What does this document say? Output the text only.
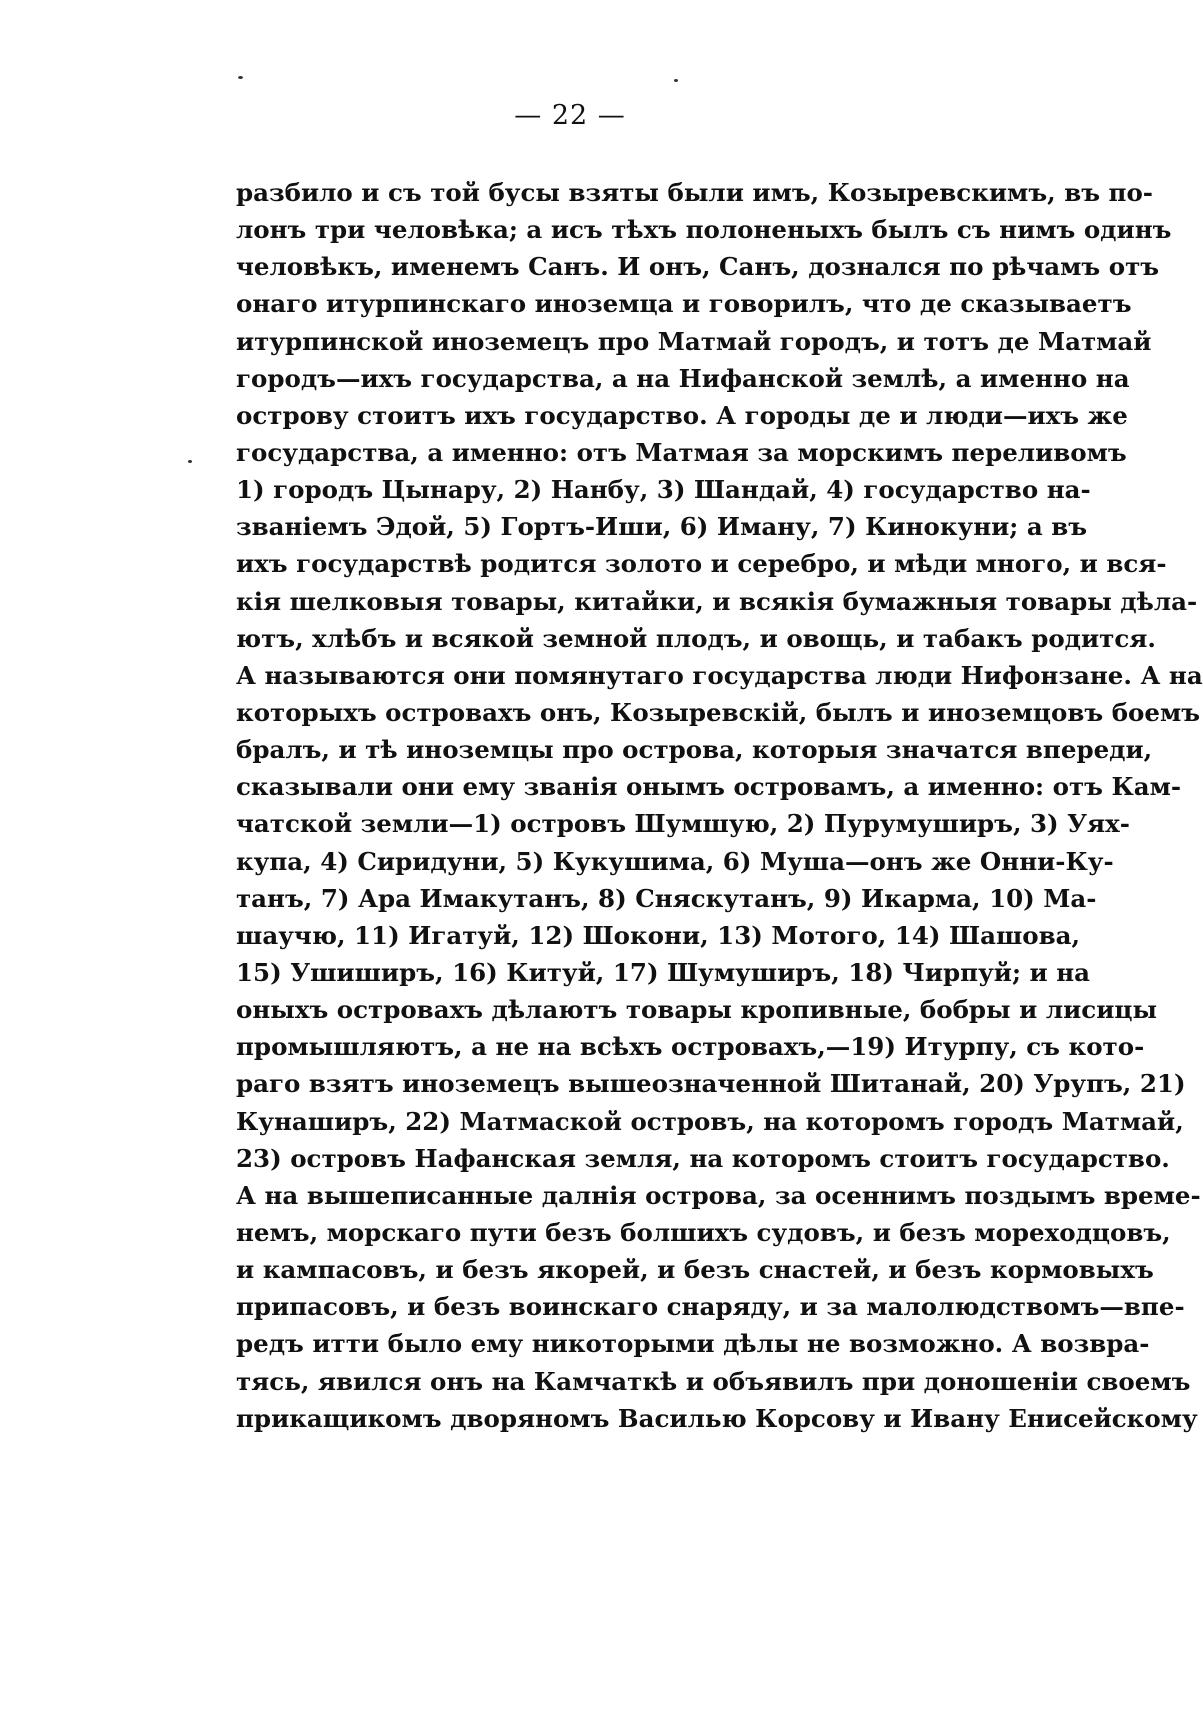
— 22 —
разбило и съ той бусы взяты были имъ, Козыревскимъ, въ по-
лонъ три человѣка; а исъ тѣхъ полоненыхъ былъ съ нимъ одинъ
человѣкъ, именемъ Санъ. И онъ, Санъ, дознался по рѣчамъ отъ
онаго итурпинскаго иноземца и говорилъ, что де сказываетъ
итурпинской иноземецъ про Матмай городъ, и тотъ де Матмай
городъ—ихъ государства, а на Нифанской землѣ, а именно на
острову стоитъ ихъ государство. А городы де и люди—ихъ же
государства, а именно: отъ Матмая за морскимъ переливомъ
1) городъ Цынару, 2) Нанбу, 3) Шандай, 4) государство на-
званіемъ Эдой, 5) Гортъ-Иши, 6) Иману, 7) Кинокуни; а въ
ихъ государствѣ родится золото и серебро, и мѣди много, и вся-
кія шелковыя товары, китайки, и всякія бумажныя товары дѣла-
ютъ, хлѣбъ и всякой земной плодъ, и овощь, и табакъ родится.
А называются они помянутаго государства люди Нифонзане. А на
которыхъ островахъ онъ, Козыревскій, былъ и иноземцовъ боемъ
бралъ, и тѣ иноземцы про острова, которыя значатся впереди,
сказывали они ему званія онымъ островамъ, а именно: отъ Кам-
чатской земли—1) островъ Шумшую, 2) Пурумуширъ, 3) Уях-
купа, 4) Сиридуни, 5) Кукушима, 6) Муша—онъ же Онни-Ку-
танъ, 7) Ара Имакутанъ, 8) Сняскутанъ, 9) Икарма, 10) Ма-
шаучю, 11) Игатуй, 12) Шокони, 13) Мотого, 14) Шашова,
15) Ушиширъ, 16) Китуй, 17) Шумуширъ, 18) Чирпуй; и на
оныхъ островахъ дѣлаютъ товары кропивные, бобры и лисицы
промышляютъ, а не на всѣхъ островахъ,—19) Итурпу, съ кото-
раго взятъ иноземецъ вышеозначенной Шитанай, 20) Урупъ, 21)
Кунаширъ, 22) Матмаской островъ, на которомъ городъ Матмай,
23) островъ Нафанская земля, на которомъ стоитъ государство.
А на вышеписанные далнія острова, за осеннимъ поздымъ време-
немъ, морскаго пути безъ болшихъ судовъ, и безъ мореходцовъ,
и кампасовъ, и безъ якорей, и безъ снастей, и безъ кормовыхъ
припасовъ, и безъ воинскаго снаряду, и за малолюдствомъ—впе-
редъ итти было ему никоторыми дѣлы не возможно. А возвра-
тясь, явился онъ на Камчаткѣ и объявилъ при доношеніи своемъ
прикащикомъ дворяномъ Василью Корсову и Ивану Енисейскому
